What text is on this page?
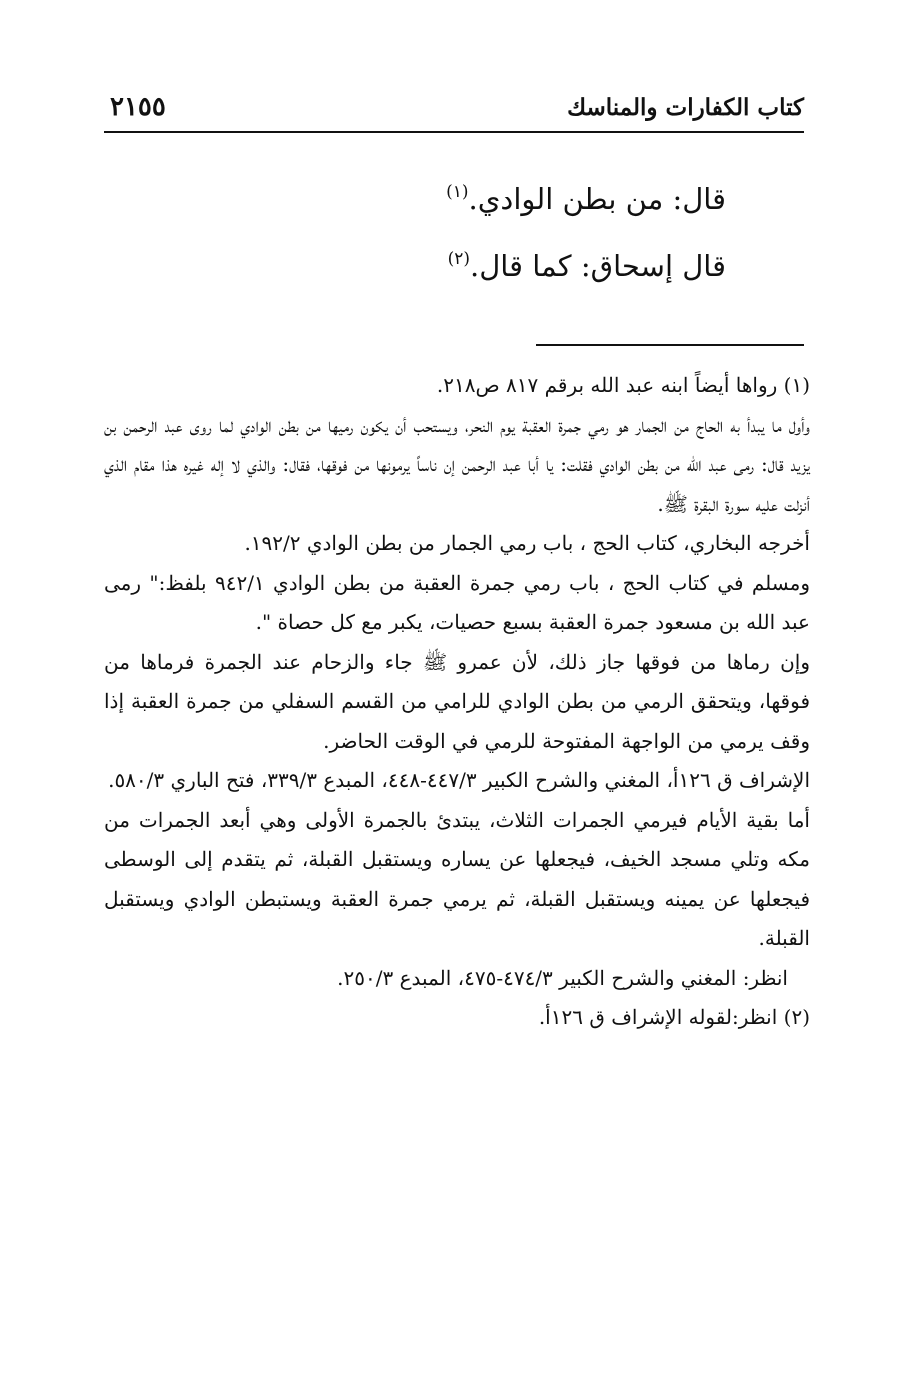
٢١٥٥	كتاب الكفارات والمناسك
قال: من بطن الوادي.$^{(١)}$
قال إسحاق: كما قال.$^{(٢)}$

(١) رواها أيضاً ابنه عبد الله برقم ٨١٧ ص٢١٨.

وأول ما يبدأ به الحاج من الجمار هو رمي جمرة العقبة يوم النحر، ويستحب أن يكون رميها من بطن الوادي لما روى عبد الرحمن بن يزيد قال: رمى عبد الله من بطن الوادي فقلت: يا أبا عبد الرحمن إن ناساً يرمونها من فوقها، فقال: والذي لا إله غيره هذا مقام الذي أنزلت عليه سورة البقرة ﷺ.

أخرجه البخاري، كتاب الحج ، باب رمي الجمار من بطن الوادي ١٩٢/٢.

ومسلم في كتاب الحج ، باب رمي جمرة العقبة من بطن الوادي ٩٤٢/١ بلفظ:" رمى عبد الله بن مسعود جمرة العقبة بسبع حصيات، يكبر مع كل حصاة ".

وإن رماها من فوقها جاز ذلك، لأن عمرو ﷺ جاء والزحام عند الجمرة فرماها من فوقها، ويتحقق الرمي من بطن الوادي للرامي من القسم السفلي من جمرة العقبة إذا وقف يرمي من الواجهة المفتوحة للرمي في الوقت الحاضر.

الإشراف ق ١٢٦أ، المغني والشرح الكبير ٤٤٧/٣-٤٤٨، المبدع ٣٣٩/٣، فتح الباري ٥٨٠/٣.

أما بقية الأيام فيرمي الجمرات الثلاث، يبتدئ بالجمرة الأولى وهي أبعد الجمرات من مكه وتلي مسجد الخيف، فيجعلها عن يساره ويستقبل القبلة، ثم يتقدم إلى الوسطى فيجعلها عن يمينه ويستقبل القبلة، ثم يرمي جمرة العقبة ويستبطن الوادي ويستقبل القبلة.

انظر: المغني والشرح الكبير ٤٧٤/٣-٤٧٥، المبدع ٢٥٠/٣.

(٢) انظر:لقوله الإشراف ق ١٢٦أ.
